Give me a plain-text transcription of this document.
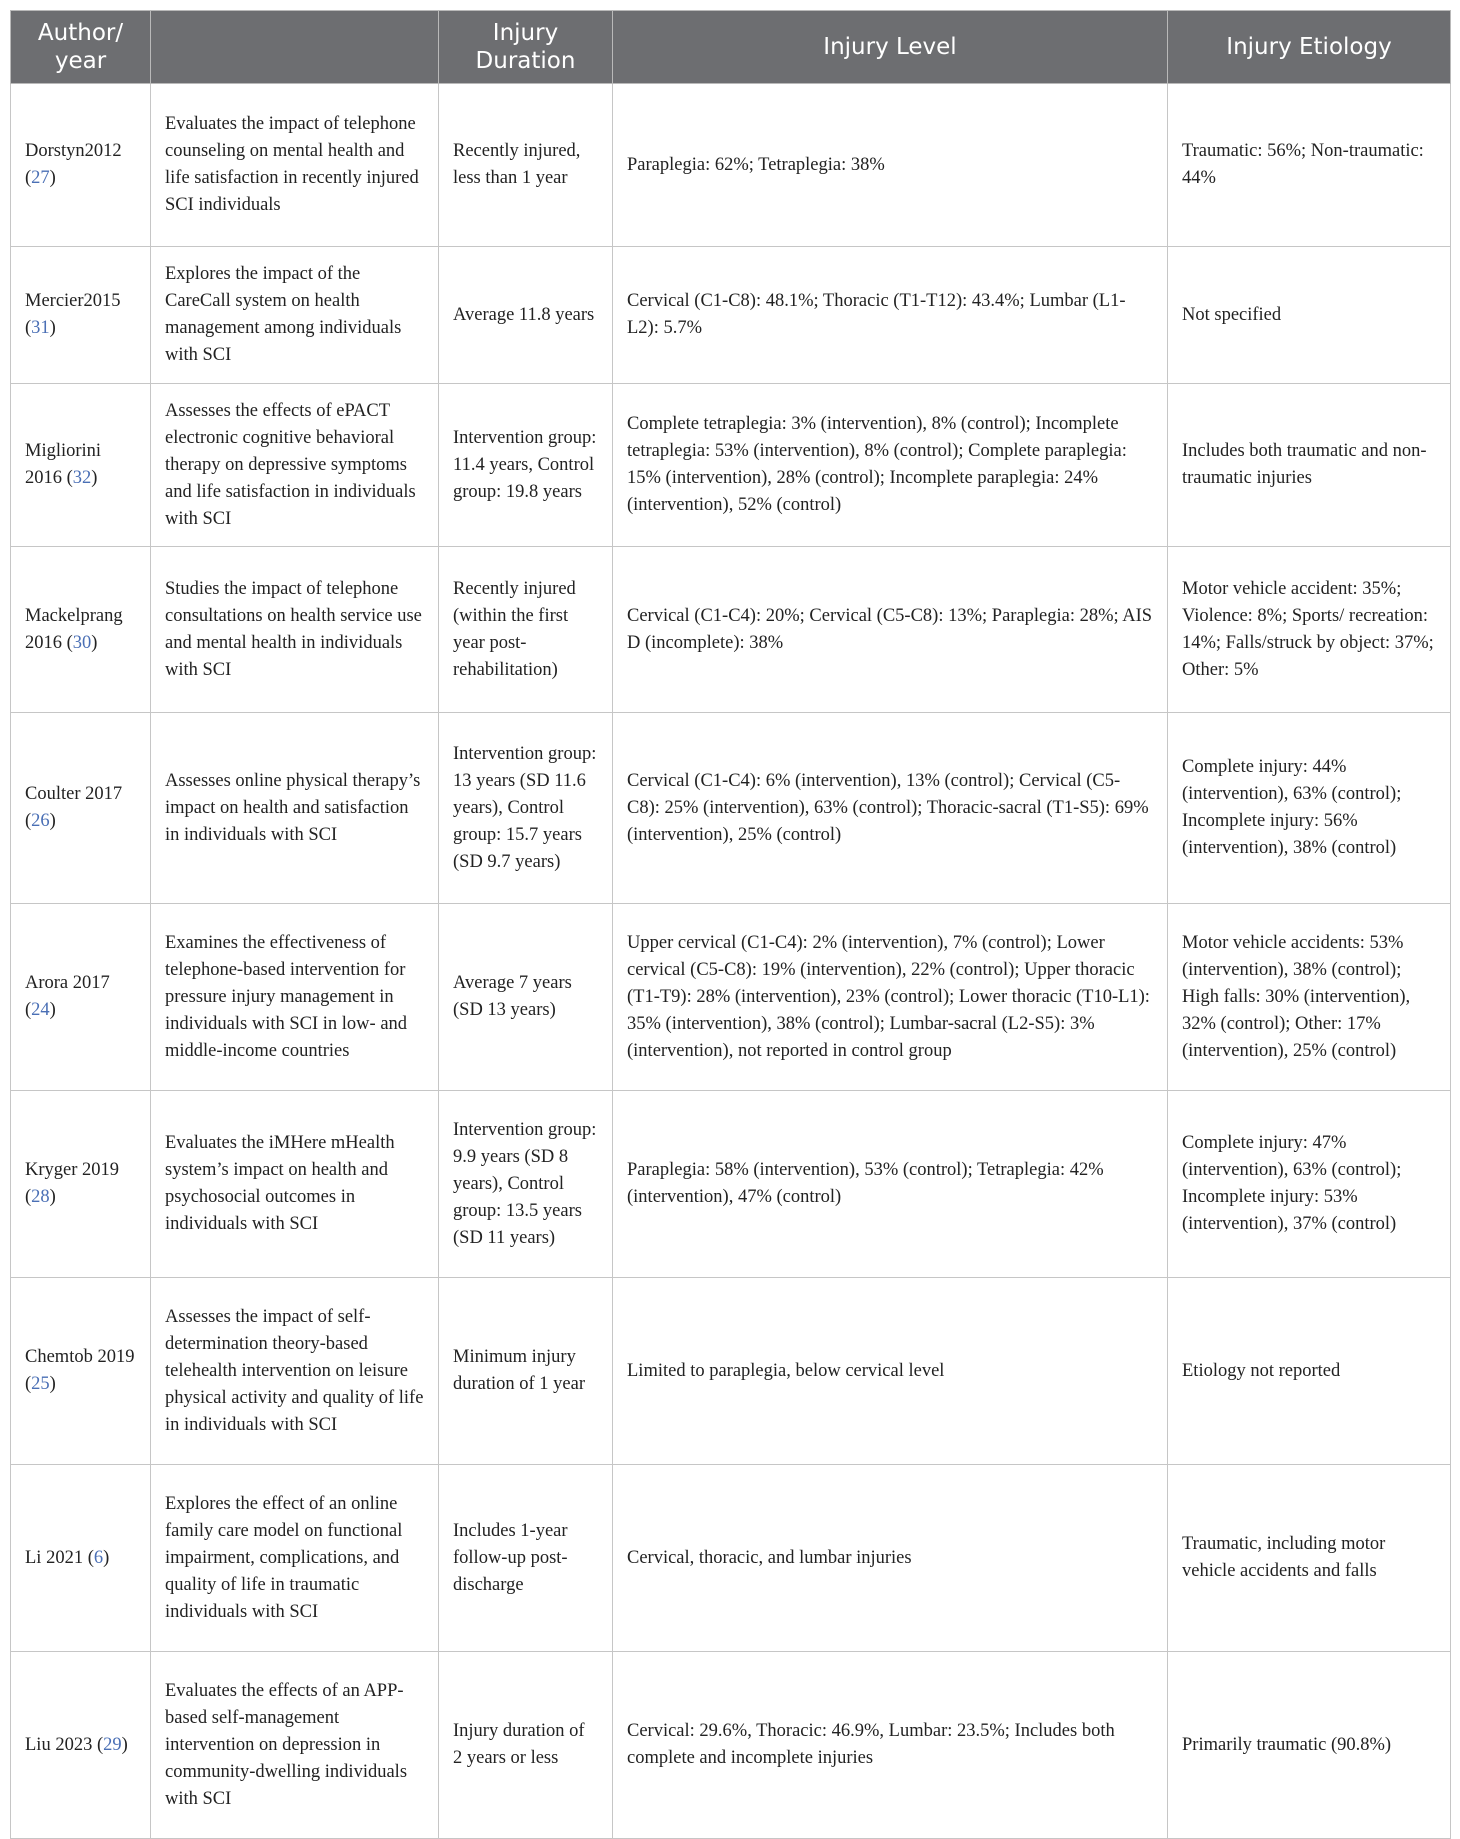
Author/ year		Injury Duration	Injury Level	Injury Etiology
Dorstyn2012 (27)	Evaluates the impact of telephone counseling on mental health and life satisfaction in recently injured SCI individuals	Recently injured, less than 1 year	Paraplegia: 62%; Tetraplegia: 38%	Traumatic: 56%; Non-traumatic: 44%
Mercier2015 (31)	Explores the impact of the CareCall system on health management among individuals with SCI	Average 11.8 years	Cervical (C1-C8): 48.1%; Thoracic (T1-T12): 43.4%; Lumbar (L1-L2): 5.7%	Not specified
Migliorini 2016 (32)	Assesses the effects of ePACT electronic cognitive behavioral therapy on depressive symptoms and life satisfaction in individuals with SCI	Intervention group: 11.4 years, Control group: 19.8 years	Complete tetraplegia: 3% (intervention), 8% (control); Incomplete tetraplegia: 53% (intervention), 8% (control); Complete paraplegia: 15% (intervention), 28% (control); Incomplete paraplegia: 24% (intervention), 52% (control)	Includes both traumatic and non-traumatic injuries
Mackelprang 2016 (30)	Studies the impact of telephone consultations on health service use and mental health in individuals with SCI	Recently injured (within the first year post-rehabilitation)	Cervical (C1-C4): 20%; Cervical (C5-C8): 13%; Paraplegia: 28%; AIS D (incomplete): 38%	Motor vehicle accident: 35%; Violence: 8%; Sports/ recreation: 14%; Falls/struck by object: 37%; Other: 5%
Coulter 2017 (26)	Assesses online physical therapy’s impact on health and satisfaction in individuals with SCI	Intervention group: 13 years (SD 11.6 years), Control group: 15.7 years (SD 9.7 years)	Cervical (C1-C4): 6% (intervention), 13% (control); Cervical (C5-C8): 25% (intervention), 63% (control); Thoracic-sacral (T1-S5): 69% (intervention), 25% (control)	Complete injury: 44% (intervention), 63% (control); Incomplete injury: 56% (intervention), 38% (control)
Arora 2017 (24)	Examines the effectiveness of telephone-based intervention for pressure injury management in individuals with SCI in low- and middle-income countries	Average 7 years (SD 13 years)	Upper cervical (C1-C4): 2% (intervention), 7% (control); Lower cervical (C5-C8): 19% (intervention), 22% (control); Upper thoracic (T1-T9): 28% (intervention), 23% (control); Lower thoracic (T10-L1): 35% (intervention), 38% (control); Lumbar-sacral (L2-S5): 3% (intervention), not reported in control group	Motor vehicle accidents: 53% (intervention), 38% (control); High falls: 30% (intervention), 32% (control); Other: 17% (intervention), 25% (control)
Kryger 2019 (28)	Evaluates the iMHere mHealth system’s impact on health and psychosocial outcomes in individuals with SCI	Intervention group: 9.9 years (SD 8 years), Control group: 13.5 years (SD 11 years)	Paraplegia: 58% (intervention), 53% (control); Tetraplegia: 42% (intervention), 47% (control)	Complete injury: 47% (intervention), 63% (control); Incomplete injury: 53% (intervention), 37% (control)
Chemtob 2019 (25)	Assesses the impact of self-determination theory-based telehealth intervention on leisure physical activity and quality of life in individuals with SCI	Minimum injury duration of 1 year	Limited to paraplegia, below cervical level	Etiology not reported
Li 2021 (6)	Explores the effect of an online family care model on functional impairment, complications, and quality of life in traumatic individuals with SCI	Includes 1-year follow-up post-discharge	Cervical, thoracic, and lumbar injuries	Traumatic, including motor vehicle accidents and falls
Liu 2023 (29)	Evaluates the effects of an APP-based self-management intervention on depression in community-dwelling individuals with SCI	Injury duration of 2 years or less	Cervical: 29.6%, Thoracic: 46.9%, Lumbar: 23.5%; Includes both complete and incomplete injuries	Primarily traumatic (90.8%)
